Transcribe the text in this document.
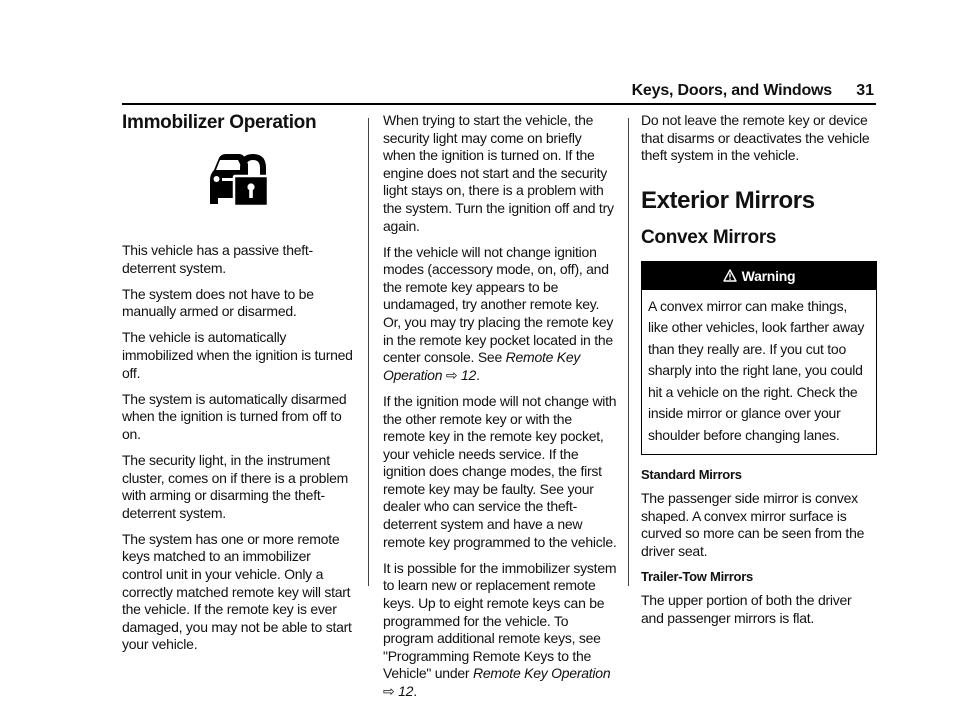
Keys, Doors, and Windows 31
Immobilizer Operation

This vehicle has a passive theft-deterrent system.

The system does not have to be manually armed or disarmed.

The vehicle is automatically immobilized when the ignition is turned off.

The system is automatically disarmed when the ignition is turned from off to on.

The security light, in the instrument cluster, comes on if there is a problem with arming or disarming the theft-deterrent system.

The system has one or more remote keys matched to an immobilizer control unit in your vehicle. Only a correctly matched remote key will start the vehicle. If the remote key is ever damaged, you may not be able to start your vehicle.

When trying to start the vehicle, the security light may come on briefly when the ignition is turned on. If the engine does not start and the security light stays on, there is a problem with the system. Turn the ignition off and try again.

If the vehicle will not change ignition modes (accessory mode, on, off), and the remote key appears to be undamaged, try another remote key. Or, you may try placing the remote key in the remote key pocket located in the center console. See Remote Key Operation ⇨ 12.

If the ignition mode will not change with the other remote key or with the remote key in the remote key pocket, your vehicle needs service. If the ignition does change modes, the first remote key may be faulty. See your dealer who can service the theft-deterrent system and have a new remote key programmed to the vehicle.

It is possible for the immobilizer system to learn new or replacement remote keys. Up to eight remote keys can be programmed for the vehicle. To program additional remote keys, see "Programming Remote Keys to the Vehicle" under Remote Key Operation ⇨ 12.

Do not leave the remote key or device that disarms or deactivates the vehicle theft system in the vehicle.

Exterior Mirrors
Convex Mirrors
Warning
A convex mirror can make things, like other vehicles, look farther away than they really are. If you cut too sharply into the right lane, you could hit a vehicle on the right. Check the inside mirror or glance over your shoulder before changing lanes.
Standard Mirrors

The passenger side mirror is convex shaped. A convex mirror surface is curved so more can be seen from the driver seat.

Trailer-Tow Mirrors

The upper portion of both the driver and passenger mirrors is flat.
